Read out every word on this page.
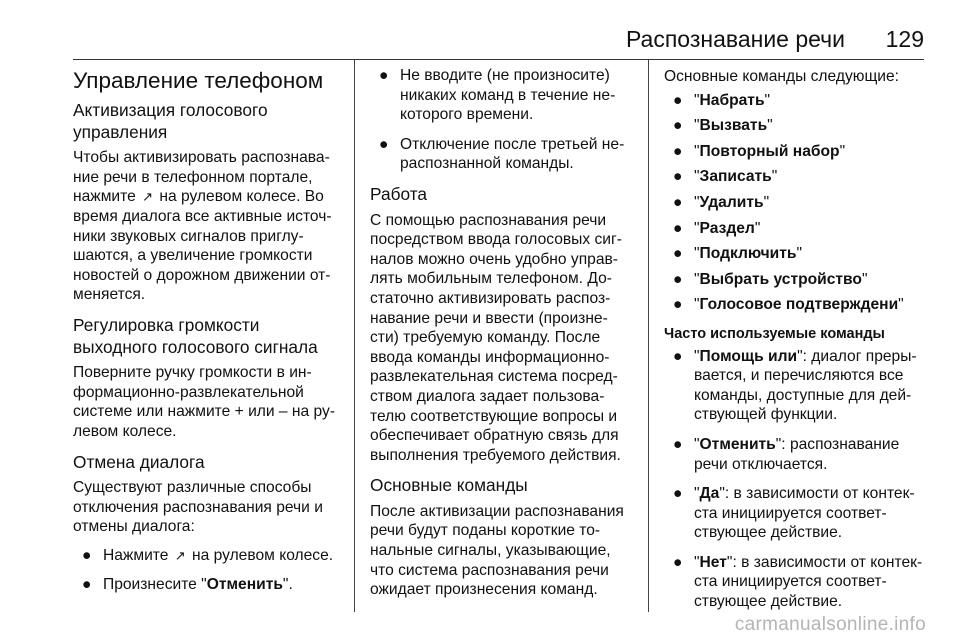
Распознавание речи 129
Управление телефоном
Активизация голосового управления

Чтобы активизировать распознава-ние речи в телефонном портале, нажмите ↗ на рулевом колесе. Во время диалога все активные источ-ники звуковых сигналов приглу-шаются, а увеличение громкости новостей о дорожном движении от-меняется.

Регулировка громкости выходного голосового сигнала

Поверните ручку громкости в ин-формационно-развлекательной системе или нажмите + или – на ру-левом колесе.

Отмена диалога

Существуют различные способы отключения распознавания речи и отмены диалога:

● Нажмите ↗ на рулевом колесе.
● Произнесите "Отменить".
● Не вводите (не произносите) никаких команд в течение не-которого времени.
● Отключение после третьей не-распознанной команды.
Работа

С помощью распознавания речи посредством ввода голосовых сиг-налов можно очень удобно управ-лять мобильным телефоном. До-статочно активизировать распоз-навание речи и ввести (произне-сти) требуемую команду. После ввода команды информационно-развлекательная система посред-ством диалога задает пользова-телю соответствующие вопросы и обеспечивает обратную связь для выполнения требуемого действия.

Основные команды

После активизации распознавания речи будут поданы короткие то-нальные сигналы, указывающие, что система распознавания речи ожидает произнесения команд.

Основные команды следующие:

● "Набрать"
● "Вызвать"
● "Повторный набор"
● "Записать"
● "Удалить"
● "Раздел"
● "Подключить"
● "Выбрать устройство"
● "Голосовое подтверждени"
Часто используемые команды
● "Помощь или": диалог преры-вается, и перечисляются все команды, доступные для дей-ствующей функции.
● "Отменить": распознавание речи отключается.
● "Да": в зависимости от контек-ста инициируется соответ-ствующее действие.
● "Нет": в зависимости от контек-ста инициируется соответ-ствующее действие.
carmanualsonline.info
